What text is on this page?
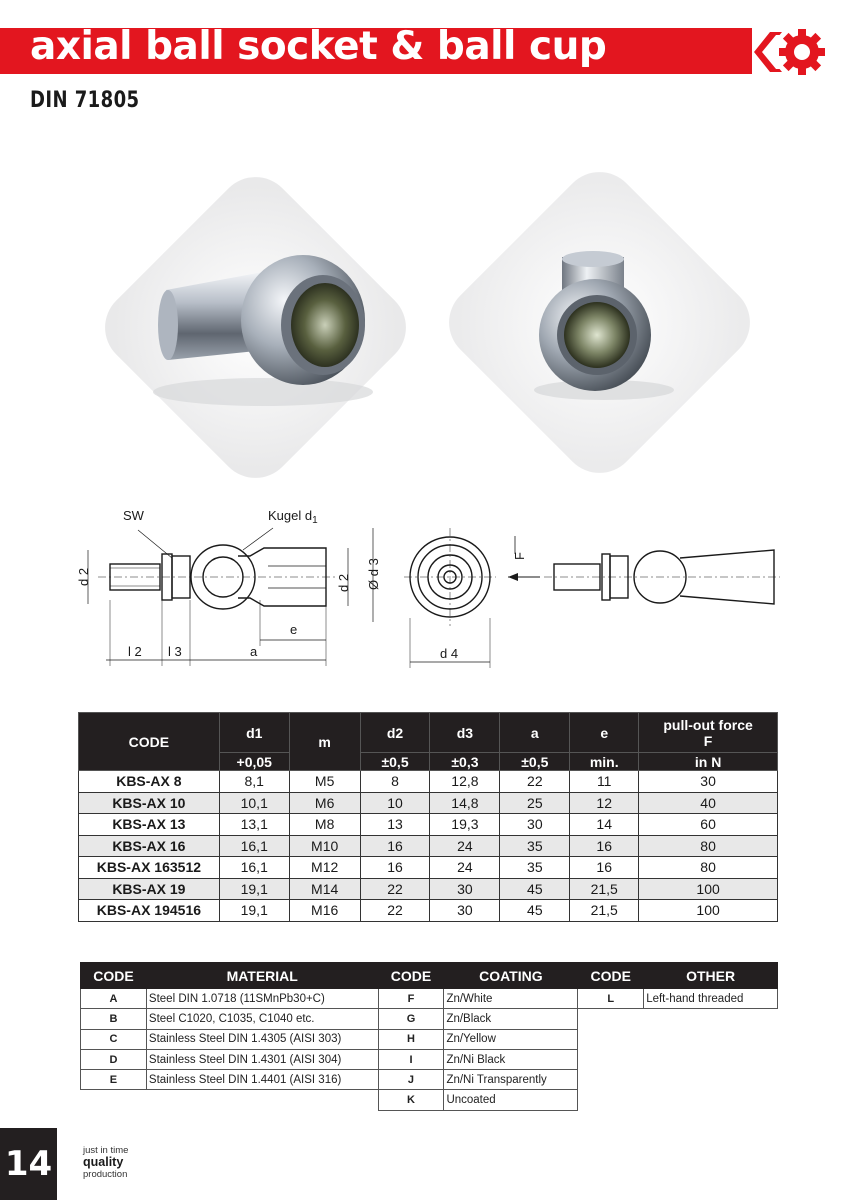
axial ball socket & ball cup
DIN 71805
SW	Kugel $d_1$
d 2	d 2 Ø d 3
e
l 2 l 3	a	d 4
F
CODE	d1	m	d2	d3	a	e	pull-out force
F

	+0,05		±0,5	±0,3	±0,5	min.	in N
KBS-AX 8	8,1	M5	8	12,8	22	11	30
KBS-AX 10	10,1	M6	10	14,8	25	12	40
KBS-AX 13	13,1	M8	13	19,3	30	14	60
KBS-AX 16	16,1	M10	16	24	35	16	80
KBS-AX 163512	16,1	M12	16	24	35	16	80
KBS-AX 19	19,1	M14	22	30	45	21,5	100
KBS-AX 194516	19,1	M16	22	30	45	21,5	100
CODE	MATERIAL	CODE	COATING	CODE	OTHER
A	Steel DIN 1.0718 (11SMnPb30+C)	F	Zn/White	L	Left-hand threaded
B	Steel C1020, C1035, C1040 etc.	G	Zn/Black		
C	Stainless Steel DIN 1.4305 (AISI 303)	H	Zn/Yellow		
D	Stainless Steel DIN 1.4301 (AISI 304)	I	Zn/Ni Black		
E	Stainless Steel DIN 1.4401 (AISI 316)	J	Zn/Ni Transparently		
		K	Uncoated		
14	just in time
quality
production
